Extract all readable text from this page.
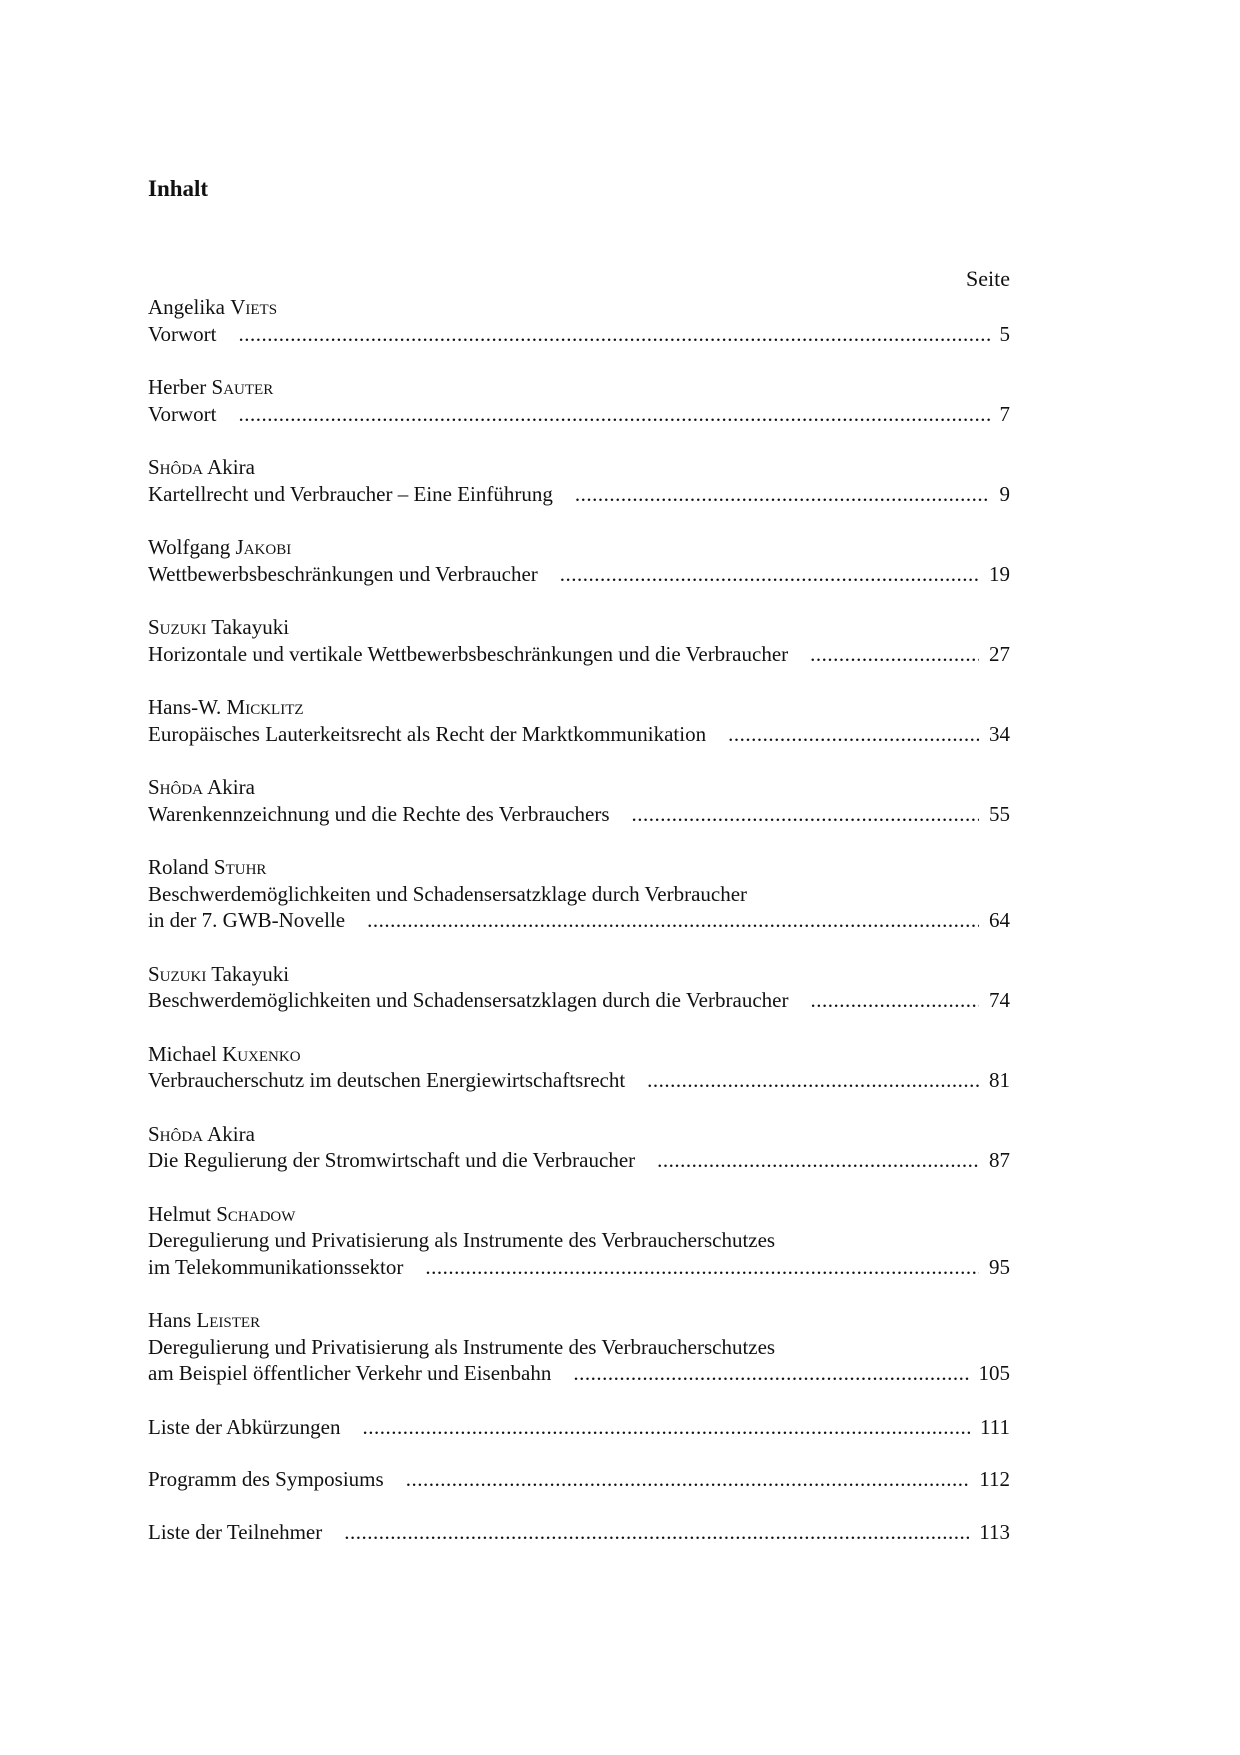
Inhalt
Seite
Angelika Viets
Vorwort .....	5
Herber Sauter
Vorwort .....	7
Shôda Akira
Kartellrecht und Verbraucher – Eine Einführung .....	9
Wolfgang Jakobi
Wettbewerbsbeschränkungen und Verbraucher .....	19
Suzuki Takayuki
Horizontale und vertikale Wettbewerbsbeschränkungen und die Verbraucher .....	27
Hans-W. Micklitz
Europäisches Lauterkeitsrecht als Recht der Marktkommunikation .....	34
Shôda Akira
Warenkennzeichnung und die Rechte des Verbrauchers .....	55
Roland Stuhr
Beschwerdemöglichkeiten und Schadensersatzklage durch Verbraucher
in der 7. GWB-Novelle .....	64
Suzuki Takayuki
Beschwerdemöglichkeiten und Schadensersatzklagen durch die Verbraucher .....	74
Michael Kuxenko
Verbraucherschutz im deutschen Energiewirtschaftsrecht .....	81
Shôda Akira
Die Regulierung der Stromwirtschaft und die Verbraucher .....	87
Helmut Schadow
Deregulierung und Privatisierung als Instrumente des Verbraucherschutzes
im Telekommunikationssektor .....	95
Hans Leister
Deregulierung und Privatisierung als Instrumente des Verbraucherschutzes
am Beispiel öffentlicher Verkehr und Eisenbahn .....	105
Liste der Abkürzungen .....	111
Programm des Symposiums .....	112
Liste der Teilnehmer .....	113
